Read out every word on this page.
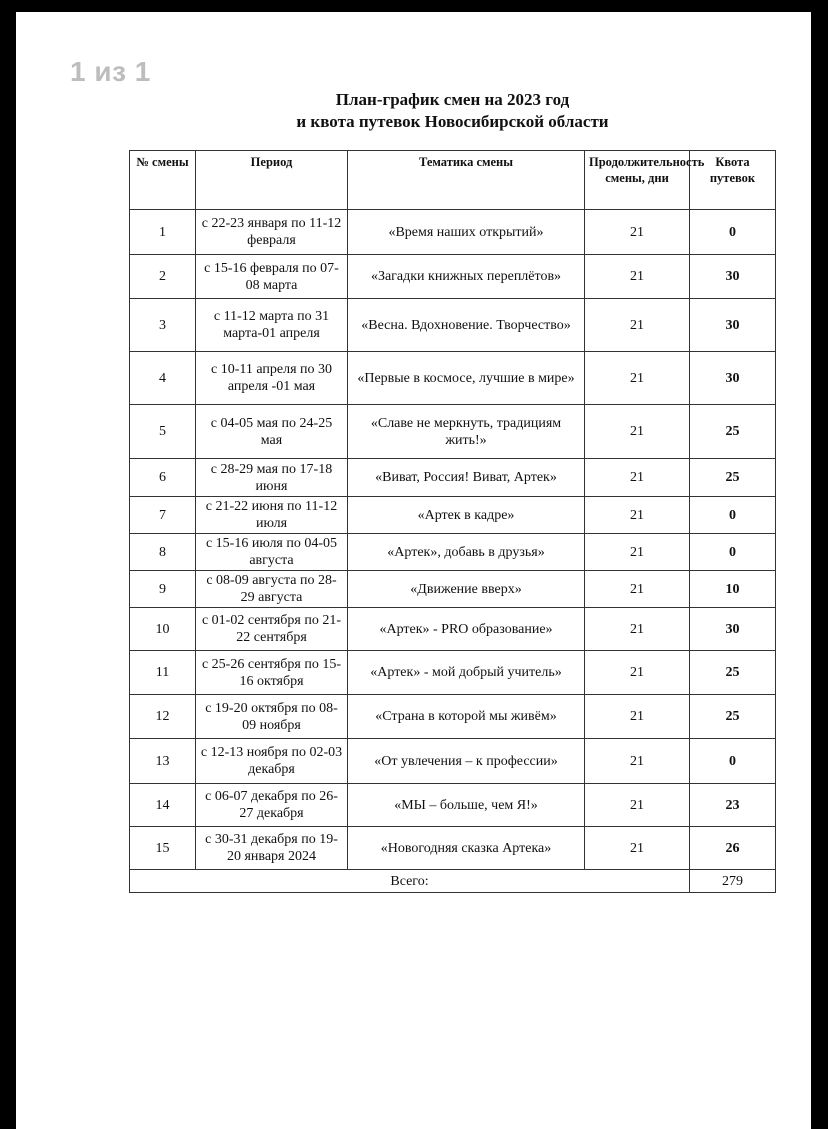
1 из 1
План-график смен на 2023 год
и квота путевок Новосибирской области
№ смены	Период	Тематика смены	Продолжительность смены, дни	Квота путевок
1	с 22-23 января по 11-12 февраля	«Время наших открытий»	21	0
2	с 15-16 февраля по 07-08 марта	«Загадки книжных переплётов»	21	30
3	с 11-12 марта по 31 марта-01 апреля	«Весна. Вдохновение. Творчество»	21	30
4	с 10-11 апреля по 30 апреля -01 мая	«Первые в космосе, лучшие в мире»	21	30
5	с 04-05 мая по 24-25 мая	«Славе не меркнуть, традициям жить!»	21	25
6	с 28-29 мая по 17-18 июня	«Виват, Россия! Виват, Артек»	21	25
7	с 21-22 июня по 11-12 июля	«Артек в кадре»	21	0
8	с 15-16 июля по 04-05 августа	«Артек», добавь в друзья»	21	0
9	с 08-09 августа по 28-29 августа	«Движение вверх»	21	10
10	с 01-02 сентября по 21-22 сентября	«Артек» - PRO образование»	21	30
11	с 25-26 сентября по 15-16 октября	«Артек» - мой добрый учитель»	21	25
12	с 19-20 октября по 08-09 ноября	«Страна в которой мы живём»	21	25
13	с 12-13 ноября по 02-03 декабря	«От увлечения – к профессии»	21	0
14	с 06-07 декабря по 26-27 декабря	«МЫ – больше, чем Я!»	21	23
15	с 30-31 декабря по 19-20 января 2024	«Новогодняя сказка Артека»	21	26
Всего:				279
